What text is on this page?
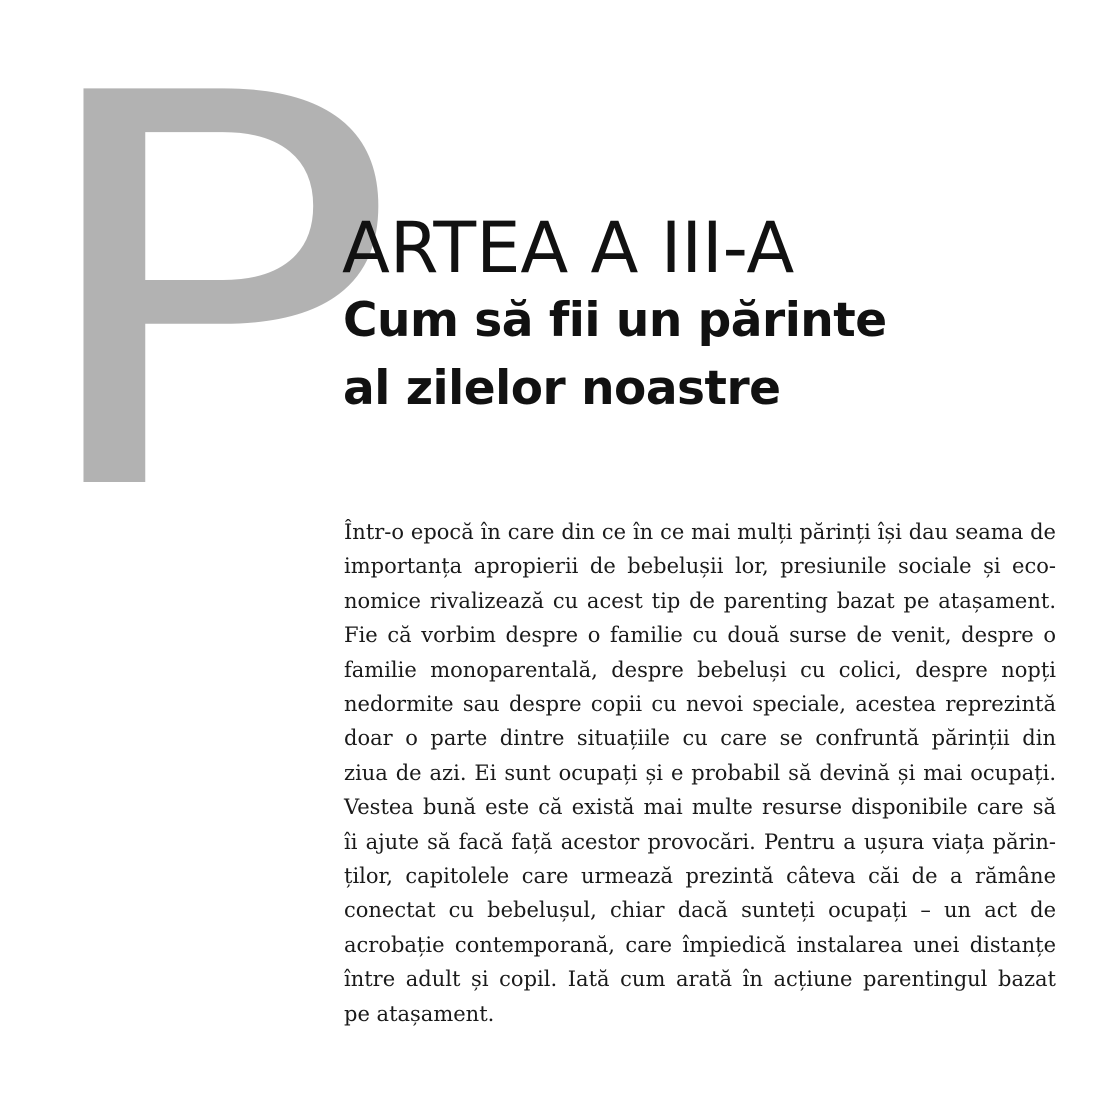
P
ARTEA A III-A
Cum să fii un părinte
al zilelor noastre
Într-o epocă în care din ce în ce mai mulți părinți își dau seama de
importanța apropierii de bebelușii lor, presiunile sociale și eco-
nomice rivalizează cu acest tip de parenting bazat pe atașament.
Fie că vorbim despre o familie cu două surse de venit, despre o
familie monoparentală, despre bebeluși cu colici, despre nopți
nedormite sau despre copii cu nevoi speciale, acestea reprezintă
doar o parte dintre situațiile cu care se confruntă părinții din
ziua de azi. Ei sunt ocupați și e probabil să devină și mai ocupați.
Vestea bună este că există mai multe resurse disponibile care să
îi ajute să facă față acestor provocări. Pentru a ușura viața părin-
ților, capitolele care urmează prezintă câteva căi de a rămâne
conectat cu bebelușul, chiar dacă sunteți ocupați – un act de
acrobație contemporană, care împiedică instalarea unei distanțe
între adult și copil. Iată cum arată în acțiune parentingul bazat
pe atașament.
